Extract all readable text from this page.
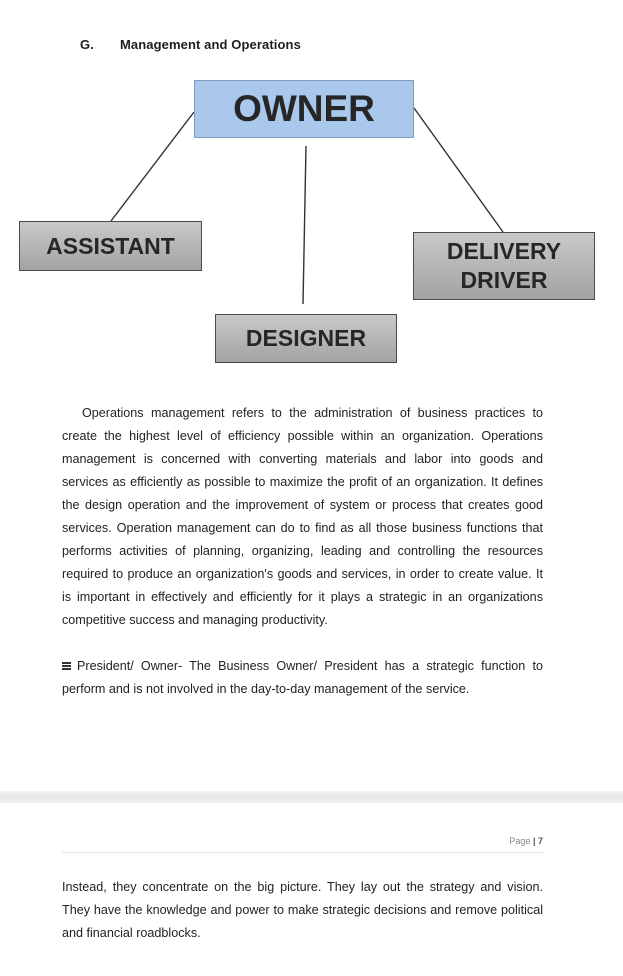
G. Management and Operations
OWNER
ASSISTANT	DELIVERY
DRIVER
DESIGNER
Operations management refers to the administration of business practices to create the highest level of efficiency possible within an organization. Operations management is concerned with converting materials and labor into goods and services as efficiently as possible to maximize the profit of an organization. It defines the design operation and the improvement of system or process that creates good services. Operation management can do to find as all those business functions that performs activities of planning, organizing, leading and controlling the resources required to produce an organization's goods and services, in order to create value. It is important in effectively and efficiently for it plays a strategic in an organizations competitive success and managing productivity.
President/ Owner- The Business Owner/ President has a strategic function to perform and is not involved in the day-to-day management of the service.
Page | 7
Instead, they concentrate on the big picture. They lay out the strategy and vision. They have the knowledge and power to make strategic decisions and remove political and financial roadblocks.
